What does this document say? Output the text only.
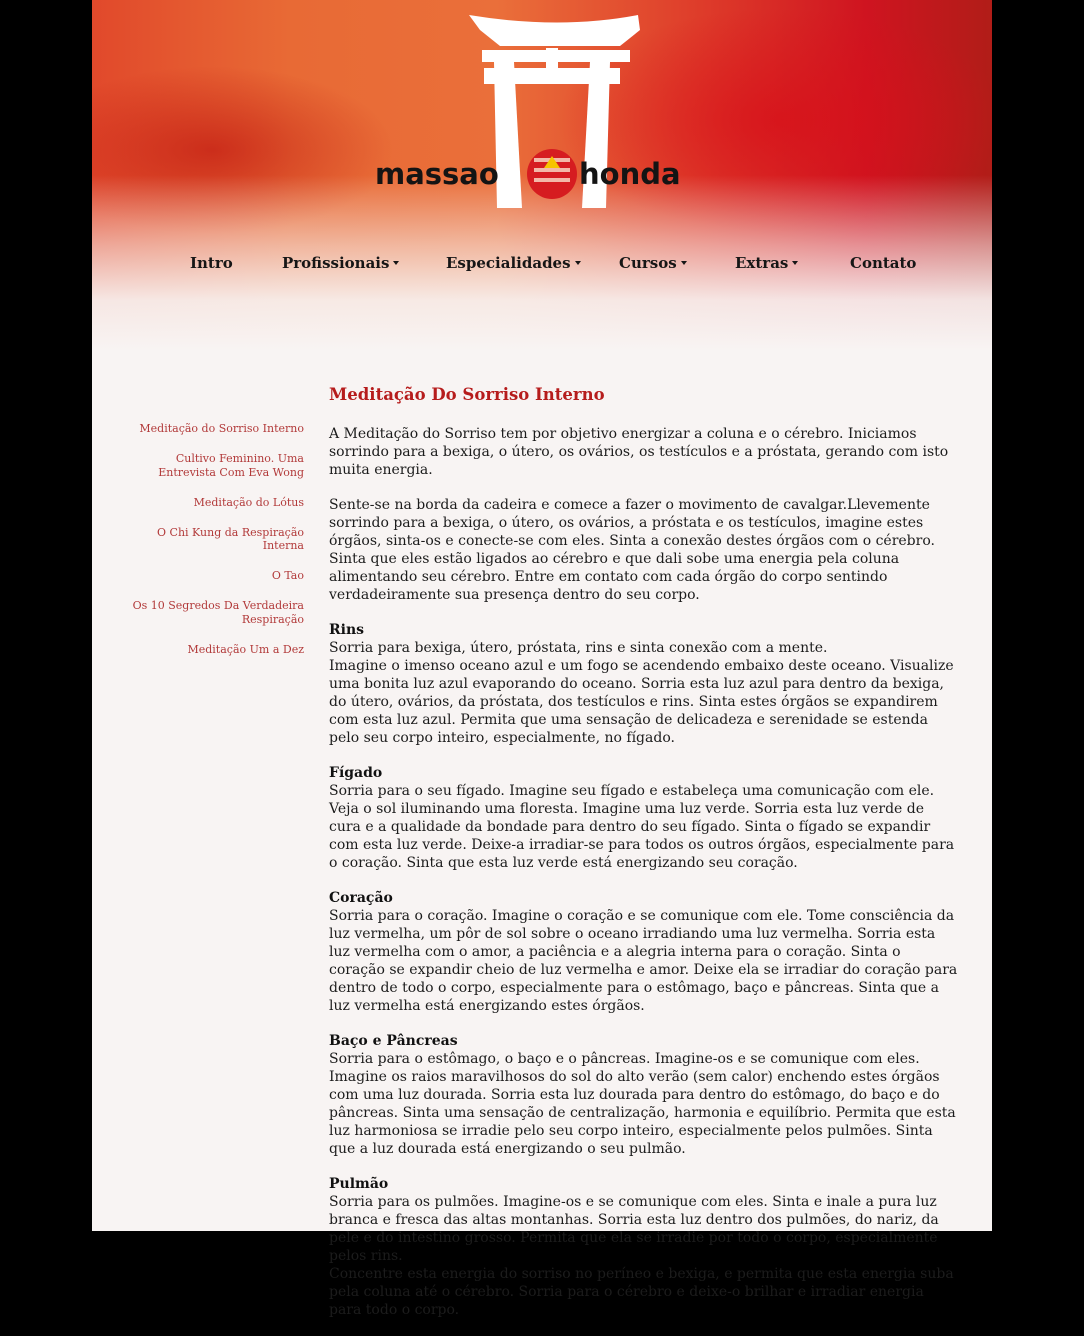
massao	honda
Intro	Profissionais	Especialidades	Cursos	Extras	Contato
Meditação do Sorriso Interno
Cultivo Feminino. Uma Entrevista Com Eva Wong
Meditação do Lótus
O Chi Kung da Respiração Interna
O Tao
Os 10 Segredos Da Verdadeira Respiração
Meditação Um a Dez
Meditação Do Sorriso Interno

A Meditação do Sorriso tem por objetivo energizar a coluna e o cérebro. Iniciamos sorrindo para a bexiga, o útero, os ovários, os testículos e a próstata, gerando com isto muita energia.

Sente-se na borda da cadeira e comece a fazer o movimento de cavalgar.Llevemente sorrindo para a bexiga, o útero, os ovários, a próstata e os testículos, imagine estes órgãos, sinta-os e conecte-se com eles. Sinta a conexão destes órgãos com o cérebro. Sinta que eles estão ligados ao cérebro e que dali sobe uma energia pela coluna alimentando seu cérebro. Entre em contato com cada órgão do corpo sentindo verdadeiramente sua presença dentro do seu corpo.

Rins
Sorria para bexiga, útero, próstata, rins e sinta conexão com a mente.
Imagine o imenso oceano azul e um fogo se acendendo embaixo deste oceano. Visualize uma bonita luz azul evaporando do oceano. Sorria esta luz azul para dentro da bexiga, do útero, ovários, da próstata, dos testículos e rins. Sinta estes órgãos se expandirem com esta luz azul. Permita que uma sensação de delicadeza e serenidade se estenda pelo seu corpo inteiro, especialmente, no fígado.
Fígado
Sorria para o seu fígado. Imagine seu fígado e estabeleça uma comunicação com ele. Veja o sol iluminando uma floresta. Imagine uma luz verde. Sorria esta luz verde de cura e a qualidade da bondade para dentro do seu fígado. Sinta o fígado se expandir com esta luz verde. Deixe-a irradiar-se para todos os outros órgãos, especialmente para o coração. Sinta que esta luz verde está energizando seu coração.
Coração
Sorria para o coração. Imagine o coração e se comunique com ele. Tome consciência da luz vermelha, um pôr de sol sobre o oceano irradiando uma luz vermelha. Sorria esta luz vermelha com o amor, a paciência e a alegria interna para o coração. Sinta o coração se expandir cheio de luz vermelha e amor. Deixe ela se irradiar do coração para dentro de todo o corpo, especialmente para o estômago, baço e pâncreas. Sinta que a luz vermelha está energizando estes órgãos.
Baço e Pâncreas
Sorria para o estômago, o baço e o pâncreas. Imagine-os e se comunique com eles. Imagine os raios maravilhosos do sol do alto verão (sem calor) enchendo estes órgãos com uma luz dourada. Sorria esta luz dourada para dentro do estômago, do baço e do pâncreas. Sinta uma sensação de centralização, harmonia e equilíbrio. Permita que esta luz harmoniosa se irradie pelo seu corpo inteiro, especialmente pelos pulmões. Sinta que a luz dourada está energizando o seu pulmão.
Pulmão
Sorria para os pulmões. Imagine-os e se comunique com eles. Sinta e inale a pura luz branca e fresca das altas montanhas. Sorria esta luz dentro dos pulmões, do nariz, da pele e do intestino grosso. Permita que ela se irradie por todo o corpo, especialmente pelos rins.
Concentre esta energia do sorriso no períneo e bexiga, e permita que esta energia suba pela coluna até o cérebro. Sorria para o cérebro e deixe-o brilhar e irradiar energia para todo o corpo.
